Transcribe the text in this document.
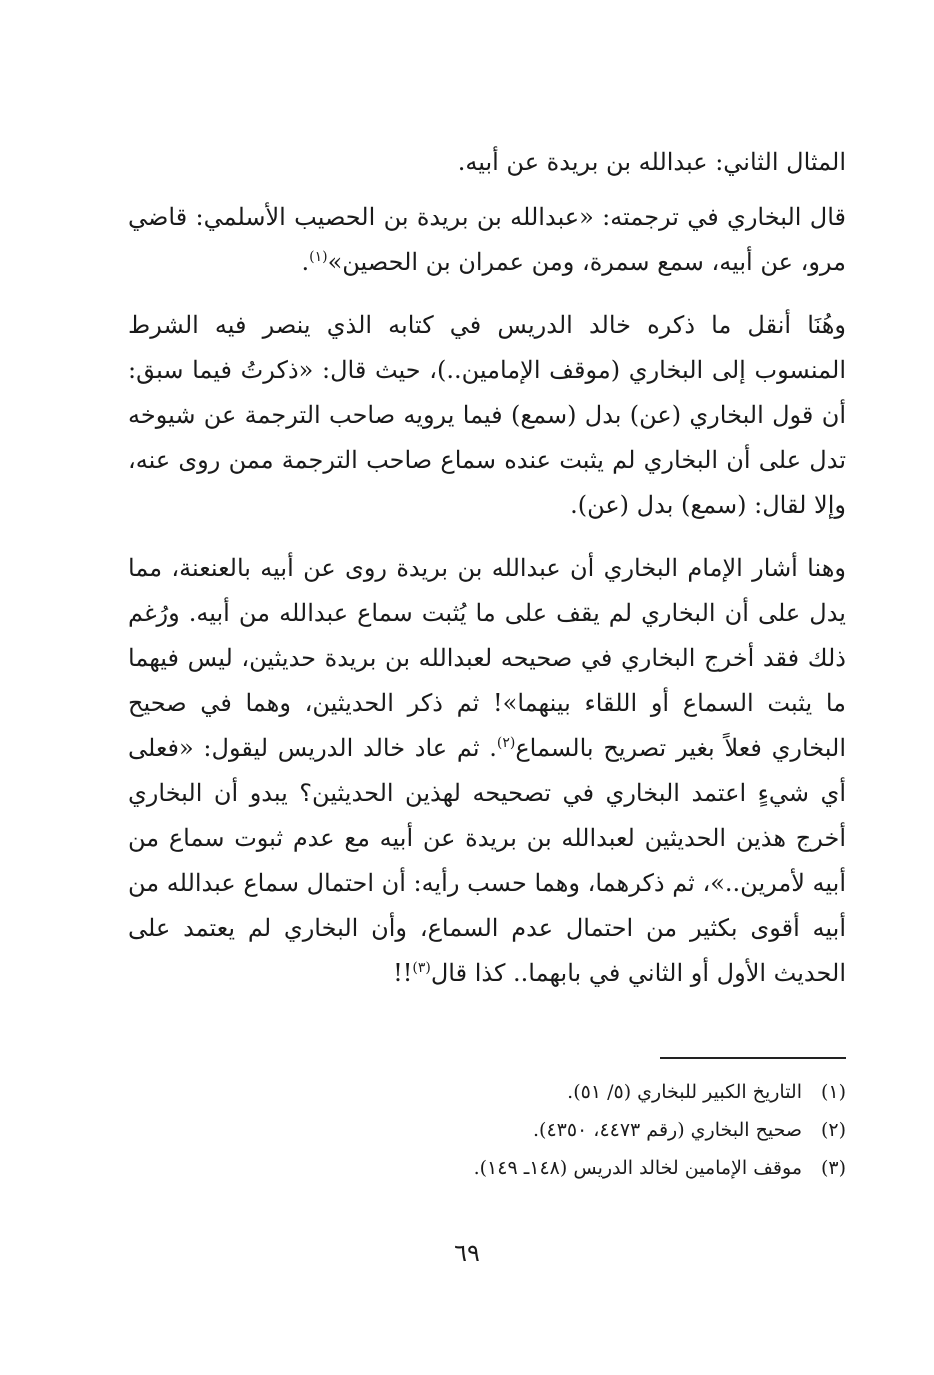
المثال الثاني: عبدالله بن بريدة عن أبيه.

قال البخاري في ترجمته: «عبدالله بن بريدة بن الحصيب الأسلمي: قاضي مرو، عن أبيه، سمع سمرة، ومن عمران بن الحصين»$^{(١)}$.

وهُنَا أنقل ما ذكره خالد الدريس في كتابه الذي ينصر فيه الشرط المنسوب إلى البخاري (موقف الإمامين..)، حيث قال: «ذكرتُ فيما سبق: أن قول البخاري (عن) بدل (سمع) فيما يرويه صاحب الترجمة عن شيوخه تدل على أن البخاري لم يثبت عنده سماع صاحب الترجمة ممن روى عنه، وإلا لقال: (سمع) بدل (عن).

وهنا أشار الإمام البخاري أن عبدالله بن بريدة روى عن أبيه بالعنعنة، مما يدل على أن البخاري لم يقف على ما يُثبت سماع عبدالله من أبيه. ورُغم ذلك فقد أخرج البخاري في صحيحه لعبدالله بن بريدة حديثين، ليس فيهما ما يثبت السماع أو اللقاء بينهما»! ثم ذكر الحديثين، وهما في صحيح البخاري فعلاً بغير تصريح بالسماع$^{(٢)}$. ثم عاد خالد الدريس ليقول: «فعلى أي شيءٍ اعتمد البخاري في تصحيحه لهذين الحديثين؟ يبدو أن البخاري أخرج هذين الحديثين لعبدالله بن بريدة عن أبيه مع عدم ثبوت سماع من أبيه لأمرين..»، ثم ذكرهما، وهما حسب رأيه: أن احتمال سماع عبدالله من أبيه أقوى بكثير من احتمال عدم السماع، وأن البخاري لم يعتمد على الحديث الأول أو الثاني في بابهما.. كذا قال$^{(٣)}$!!

(١)التاريخ الكبير للبخاري (٥/ ٥١).

(٢)صحيح البخاري (رقم ٤٤٧٣، ٤٣٥٠).

(٣)موقف الإمامين لخالد الدريس (١٤٨ـ ١٤٩).

٦٩
